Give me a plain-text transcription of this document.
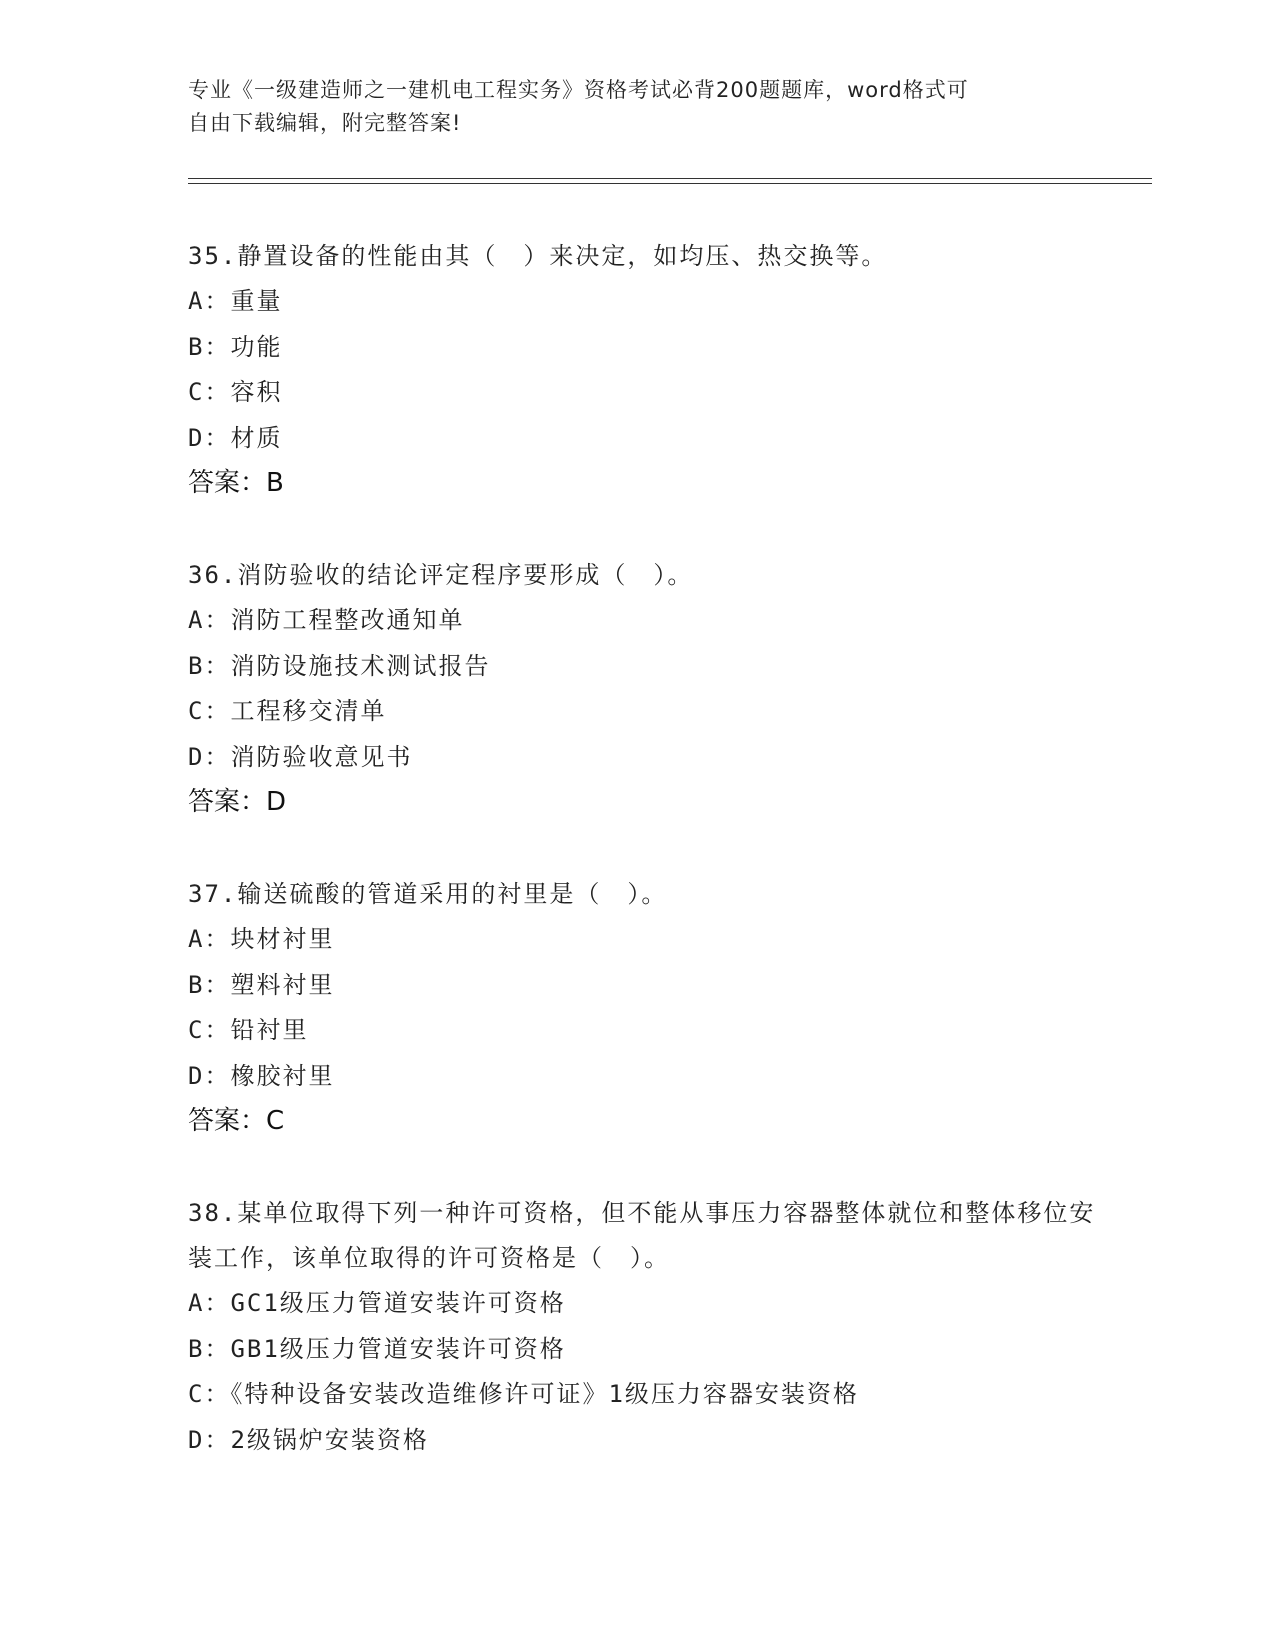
专业《一级建造师之一建机电工程实务》资格考试必背200题题库，word格式可
自由下载编辑，附完整答案!

35.静置设备的性能由其（　）来决定，如均压、热交换等。

A：重量

B：功能

C：容积

D：材质

答案：B

36.消防验收的结论评定程序要形成（　）。

A：消防工程整改通知单

B：消防设施技术测试报告

C：工程移交清单

D：消防验收意见书

答案：D

37.输送硫酸的管道采用的衬里是（　）。

A：块材衬里

B：塑料衬里

C：铅衬里

D：橡胶衬里

答案：C

38.某单位取得下列一种许可资格，但不能从事压力容器整体就位和整体移位安装工作，该单位取得的许可资格是（　）。

A：GC1级压力管道安装许可资格

B：GB1级压力管道安装许可资格

C：《特种设备安装改造维修许可证》1级压力容器安装资格

D：2级锅炉安装资格
